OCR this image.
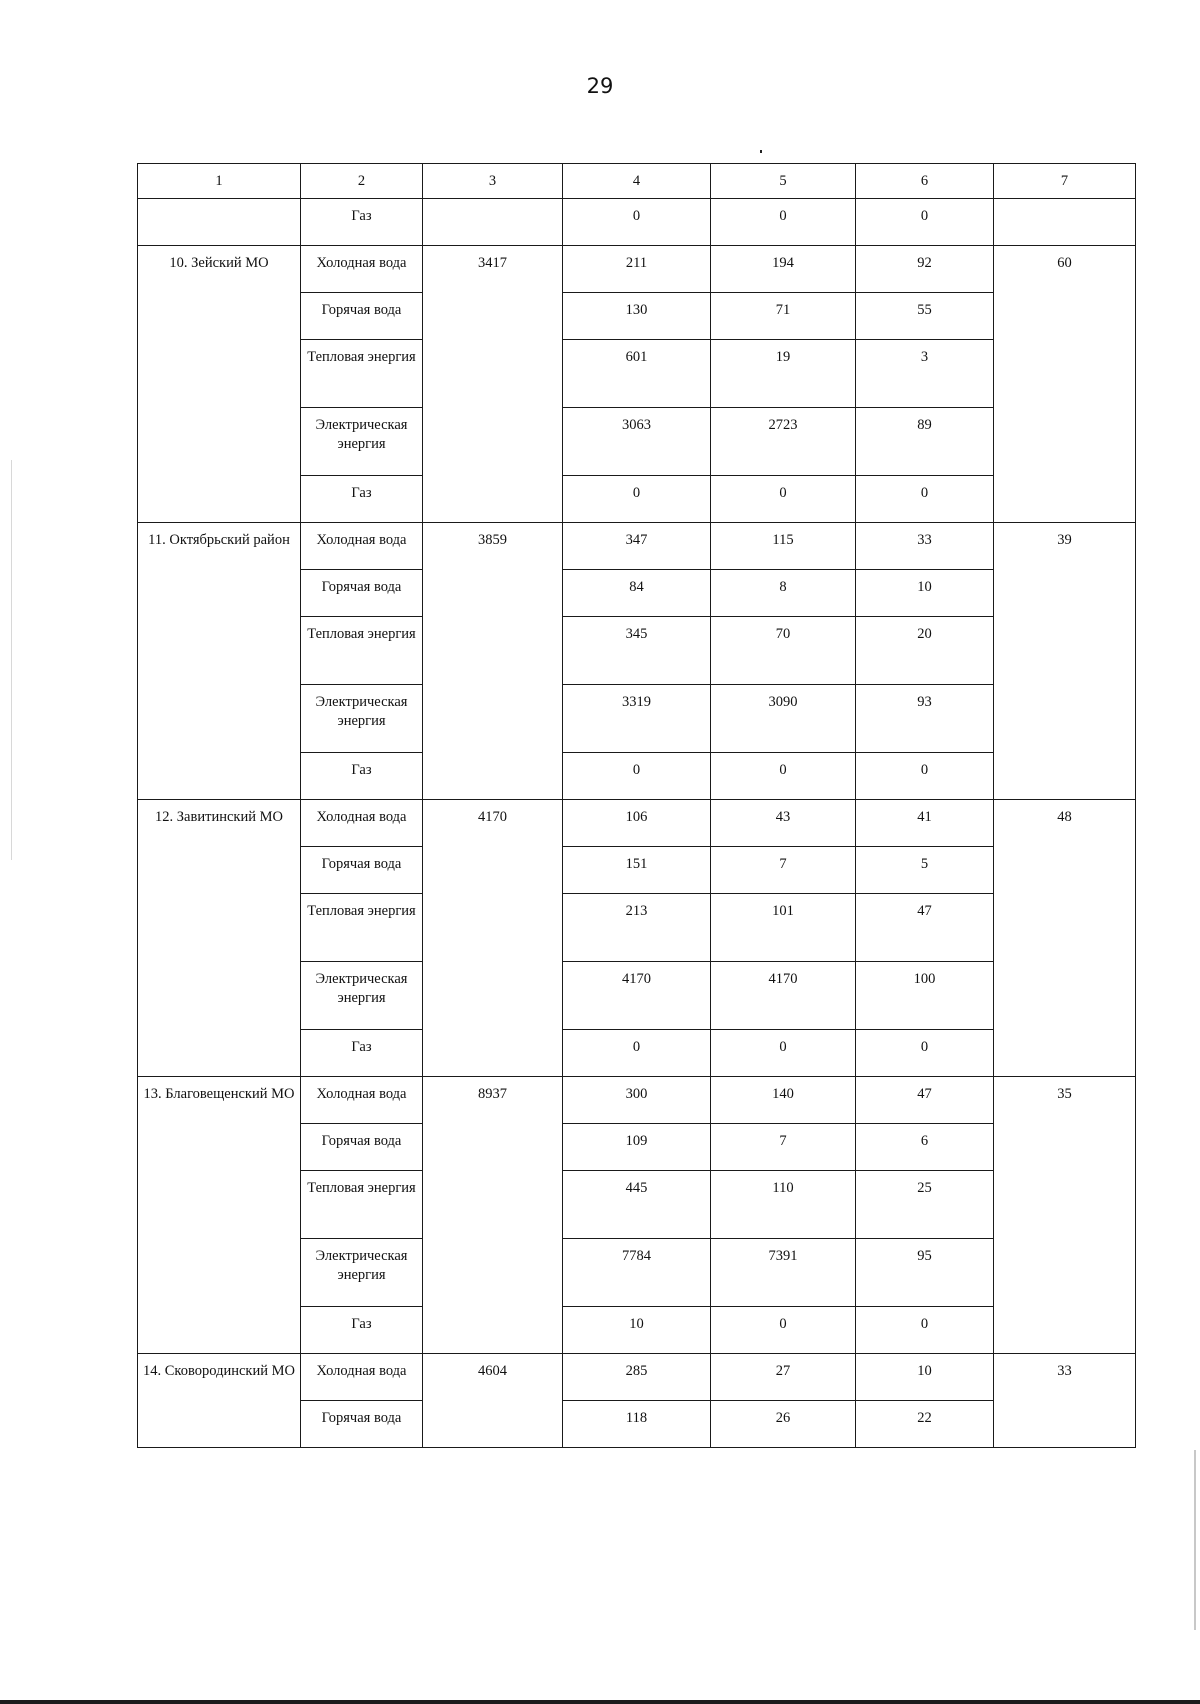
29
1	2	3	4	5	6	7
	Газ		0	0	0	
10. Зейский МО	Холодная вода	3417	211	194	92	60
	Горячая вода		130	71	55	
	Тепловая энергия		601	19	3	
	Электрическая энергия		3063	2723	89	
	Газ		0	0	0	
11. Октябрьский район	Холодная вода	3859	347	115	33	39
	Горячая вода		84	8	10	
	Тепловая энергия		345	70	20	
	Электрическая энергия		3319	3090	93	
	Газ		0	0	0	
12. Завитинский МО	Холодная вода	4170	106	43	41	48
	Горячая вода		151	7	5	
	Тепловая энергия		213	101	47	
	Электрическая энергия		4170	4170	100	
	Газ		0	0	0	
13. Благовещенский МО	Холодная вода	8937	300	140	47	35
	Горячая вода		109	7	6	
	Тепловая энергия		445	110	25	
	Электрическая энергия		7784	7391	95	
	Газ		10	0	0	
14. Сковородинский МО	Холодная вода	4604	285	27	10	33
	Горячая вода		118	26	22	
